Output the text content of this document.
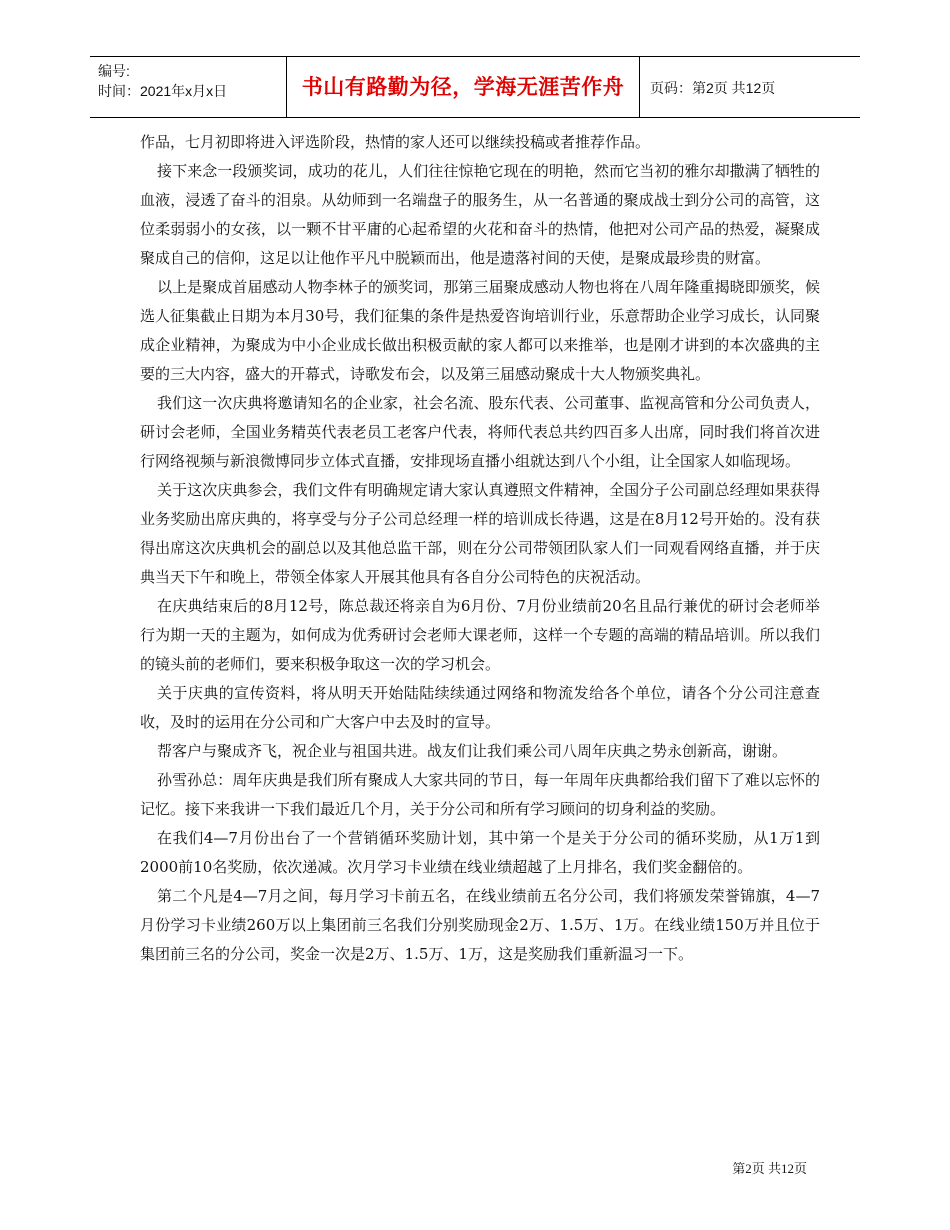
编号:
时间：2021年x月x日	书山有路勤为径，学海无涯苦作舟	页码：第2页 共12页

作品，七月初即将进入评选阶段，热情的家人还可以继续投稿或者推荐作品。

接下来念一段颁奖词，成功的花儿，人们往往惊艳它现在的明艳，然而它当初的雅尔却撒满了牺牲的血液，浸透了奋斗的泪泉。从幼师到一名端盘子的服务生，从一名普通的聚成战士到分公司的高管，这位柔弱弱小的女孩，以一颗不甘平庸的心起希望的火花和奋斗的热情，他把对公司产品的热爱，凝聚成聚成自己的信仰，这足以让他作平凡中脱颖而出，他是遗落衬间的天使，是聚成最珍贵的财富。

以上是聚成首届感动人物李林子的颁奖词，那第三届聚成感动人物也将在八周年隆重揭晓即颁奖，候选人征集截止日期为本月30号，我们征集的条件是热爱咨询培训行业，乐意帮助企业学习成长，认同聚成企业精神，为聚成为中小企业成长做出积极贡献的家人都可以来推举，也是刚才讲到的本次盛典的主要的三大内容，盛大的开幕式，诗歌发布会，以及第三届感动聚成十大人物颁奖典礼。

我们这一次庆典将邀请知名的企业家，社会名流、股东代表、公司董事、监视高管和分公司负责人，研讨会老师，全国业务精英代表老员工老客户代表，将师代表总共约四百多人出席，同时我们将首次进行网络视频与新浪微博同步立体式直播，安排现场直播小组就达到八个小组，让全国家人如临现场。

关于这次庆典参会，我们文件有明确规定请大家认真遵照文件精神，全国分子公司副总经理如果获得业务奖励出席庆典的，将享受与分子公司总经理一样的培训成长待遇，这是在8月12号开始的。没有获得出席这次庆典机会的副总以及其他总监干部，则在分公司带领团队家人们一同观看网络直播，并于庆典当天下午和晚上，带领全体家人开展其他具有各自分公司特色的庆祝活动。

在庆典结束后的8月12号，陈总裁还将亲自为6月份、7月份业绩前20名且品行兼优的研讨会老师举行为期一天的主题为，如何成为优秀研讨会老师大课老师，这样一个专题的高端的精品培训。所以我们的镜头前的老师们，要来积极争取这一次的学习机会。

关于庆典的宣传资料，将从明天开始陆陆续续通过网络和物流发给各个单位，请各个分公司注意查收，及时的运用在分公司和广大客户中去及时的宣导。

帮客户与聚成齐飞，祝企业与祖国共进。战友们让我们乘公司八周年庆典之势永创新高，谢谢。

孙雪孙总：周年庆典是我们所有聚成人大家共同的节日，每一年周年庆典都给我们留下了难以忘怀的记忆。接下来我讲一下我们最近几个月，关于分公司和所有学习顾问的切身利益的奖励。

在我们4—7月份出台了一个营销循环奖励计划，其中第一个是关于分公司的循环奖励，从1万1到2000前10名奖励，依次递减。次月学习卡业绩在线业绩超越了上月排名，我们奖金翻倍的。

第二个凡是4—7月之间，每月学习卡前五名，在线业绩前五名分公司，我们将颁发荣誉锦旗，4—7月份学习卡业绩260万以上集团前三名我们分别奖励现金2万、1.5万、1万。在线业绩150万并且位于集团前三名的分公司，奖金一次是2万、1.5万、1万，这是奖励我们重新温习一下。

第2页 共12页
